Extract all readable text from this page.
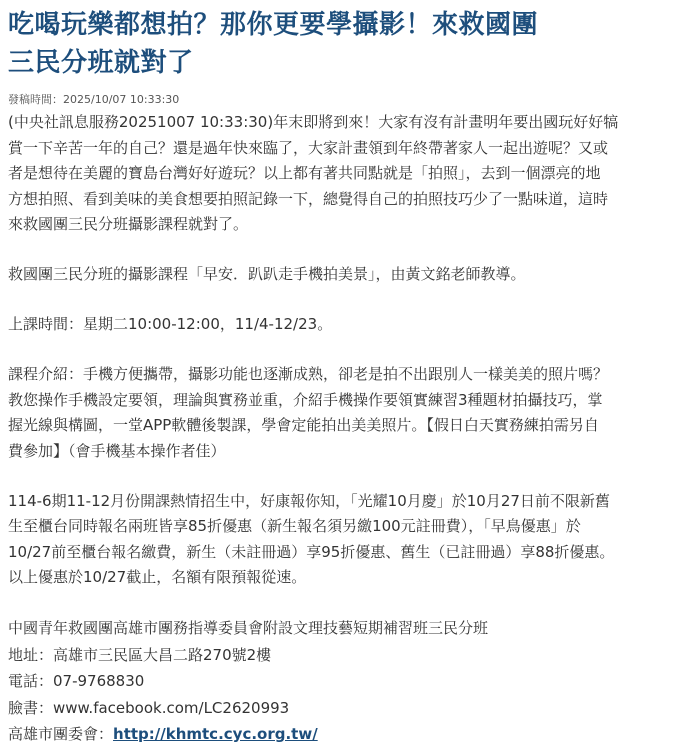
吃喝玩樂都想拍？那你更要學攝影！來救國團
三民分班就對了
發稿時間：2025/10/07 10:33:30

(中央社訊息服務20251007 10:33:30)年末即將到來！大家有沒有計畫明年要出國玩好好犒
賞一下辛苦一年的自己？還是過年快來臨了，大家計畫領到年終帶著家人一起出遊呢？又或
者是想待在美麗的寶島台灣好好遊玩？以上都有著共同點就是「拍照」，去到一個漂亮的地
方想拍照、看到美味的美食想要拍照記錄一下，總覺得自己的拍照技巧少了一點味道，這時
來救國團三民分班攝影課程就對了。

救國團三民分班的攝影課程「早安．趴趴走手機拍美景」，由黃文銘老師教導。

上課時間：星期二10:00-12:00，11/4-12/23。

課程介紹：手機方便攜帶，攝影功能也逐漸成熟，卻老是拍不出跟別人一樣美美的照片嗎？
教您操作手機設定要領，理論與實務並重，介紹手機操作要領實練習3種題材拍攝技巧，掌
握光線與構圖，一堂APP軟體後製課，學會定能拍出美美照片。【假日白天實務練拍需另自
費參加】（會手機基本操作者佳）

114-6期11-12月份開課熱情招生中，好康報你知，「光耀10月慶」於10月27日前不限新舊
生至櫃台同時報名兩班皆享85折優惠（新生報名須另繳100元註冊費），「早鳥優惠」於
10/27前至櫃台報名繳費，新生（未註冊過）享95折優惠、舊生（已註冊過）享88折優惠。
以上優惠於10/27截止，名額有限預報從速。

中國青年救國團高雄市團務指導委員會附設文理技藝短期補習班三民分班
地址：高雄市三民區大昌二路270號2樓
電話：07-9768830
臉書：www.facebook.com/LC2620993
高雄市團委會：http://khmtc.cyc.org.tw/
